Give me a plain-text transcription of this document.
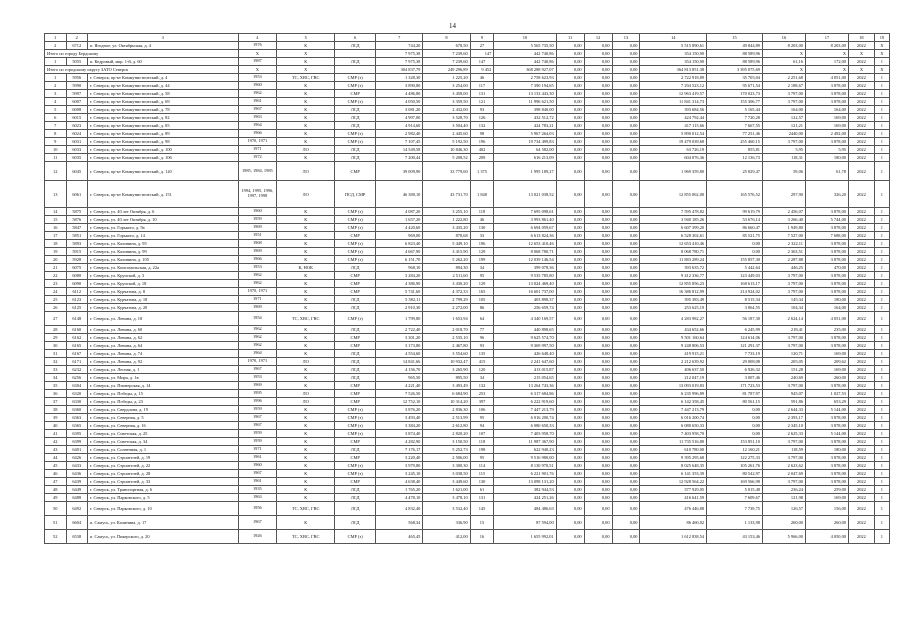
14
1	2	3	4	5	6	7	8	9	10	11	12	13	14	15	16	17	18	19
2	6712	п. Ягодное, ул. Октябрьская, д. 4	1976	К	ЛСД	744,20	678,50	27	5 565 735,50	0,00	0,00	0,00	5 515 890,61	49 844,89	8 203,00	8 203,00	2022	X
Итого по городу Бердскому			X	X		7 975,38	7 239,60	147	442 740,86	0,00	0,00	0,00	354 150,90	88 589,96	X	X	X	X
1	5055	п. Кедровый, мкр. 1-й, д. 60	1987	К	ЛСД	7 975,38	7 239,60	147	442 740,86	0,00	0,00	0,00	354 150,90	88 589,96	61,16	172,00	2022	1
Итого по городскому округу ЗАТО Северск			X	X		304 837,79	249 296,89	9 452	368 288 927,07	0,00	0,00	0,00	364 813 851,38	3 395 075,69	X	X	X	X
1	5956	г. Северск, пр-кт Коммунистический, д. 4	1953	ТС, ХВС, ГВС	СМР (з)	1 328,30	1 225,20	46	2 758 623,93	0,00	0,00	0,00	2 722 918,89	35 705,04	2 251,68	4 051,00	2022	1
2	5990	г. Северск, пр-кт Коммунистический, д. 44	1960	К	СМР (з)	3 890,80	3 254,00	117	7 390 194,65	0,00	0,00	0,00	7 294 523,12	95 671,54	2 188,67	3 878,00	2022	1
3	5997	г. Северск, пр-кт Коммунистический, д. 58	1962	К	СМР	4 486,80	3 458,00	131	13 133 443,30	0,00	0,00	0,00	12 963 419,57	170 023,73	3 797,00	3 878,00	2022	1
4	6007	г. Северск, пр-кт Коммунистический, д. 69	1961	К	СМР (з)	4 050,50	3 359,50	121	11 996 621,50	0,00	0,00	0,00	11 841 314,73	155 306,77	3 797,00	3 878,00	2022	1
5	6008	г. Северск, пр-кт Коммунистический, д. 78	1967	К	ЛСД	3 081,20	2 432,00	93	398 840,00	0,00	0,00	0,00	393 684,56	5 165,44	164,00	164,00	2022	1
6	6015	г. Северск, пр-кт Коммунистический, д. 82	1963	К	ЛСД	4 997,00	3 528,70	126	432 512,72	0,00	0,00	0,00	424 792,44	7 720,28	122,57	169,00	2022	1
7	6023	г. Северск, пр-кт Коммунистический, д. 85	1964	К	ЛСД	4 914,60	3 504,40	132	424 783,21	0,00	0,00	0,00	417 115,66	7 667,55	121,21	169,00	2022	1
8	6024	г. Северск, пр-кт Коммунистический, д. 89	1966	К	СМР (з)	2 982,40	2 445,60	98	5 967 264,03	0,00	0,00	0,00	5 890 012,54	77 251,46	2440,00	2 492,00	2022	1
9	6031	г. Северск, пр-кт Коммунистический, д. 98	1970, 1971	К	СМР (з)	7 107,45	5 192,50	196	19 734 499,83	0,00	0,00	0,00	19 479 039,68	255 460,15	3 797,00	3 878,00	2022	1
10	6033	г. Северск, пр-кт Коммунистический, д. 100	1971	ЛО	ЛСД	14 549,58	10 846,30	402	64 582,00	0,00	0,00	0,00	63 726,19	855,81	5,95	5,95	2022	1
11	6035	г. Северск, пр-кт Коммунистический, д. 106	1972	К	ЛСД	7 200,44	5 208,52	209	616 213,09	0,00	0,00	0,00	604 076,36	12 136,73	118,31	180,00	2022	1
12	6045	г. Северск, пр-кт Коммунистический, д. 120	1985, 1984, 1985	ЛО	СМР	39 009,90	33 779,60	1 375	1 995 189,27	0,00	0,00	0,00	1 969 359,80	25 829,47	59,06	61,78	2022	1
13	6061	г. Северск, пр-кт Коммунистический, д. 151	1994, 1995, 1996, 1997, 1998	ЛО	ПСД, СМР	46 380,10	43 731,70	1 848	13 021 038,52	0,00	0,00	0,00	12 855 062,00	165 576,52	297,90	326,20	2022	1
14	5875	г. Северск, ул. 40 лет Октября, д. 6	1960	К	СМР (з)	4 087,20	3 255,10	118	7 695 098,61	0,00	0,00	0,00	7 595 478,82	99 619,79	2 456,07	3 878,00	2022	1
15	5876	г. Северск, ул. 40 лет Октября, д. 10	1959	К	СМР (з)	1 657,20	1 222,80	46	3 993 861,40	0,00	0,00	0,00	3 940 185,26	53 676,14	3 266,40	5 744,00	2022	1
16	5847	г. Северск, ул. Горького, д. 9а	1969	К	СМР (з)	4 420,60	3 435,20	130	6 694 059,67	0,00	0,00	0,00	6 607 399,20	86 660,47	1 949,80	3 878,00	2022	1
17	5851	г. Северск, ул. Горького, д. 14	1951	К	СМР	969,00	878,68	33	6 613 824,36	0,00	0,00	0,00	6 528 302,61	85 521,75	7 527,00	7 688,00	2022	1
18	5893	г. Северск, ул. Калинина, д. 95	1968	К	СМР (з)	6 823,40	5 449,10	196	12 653 410,46	0,00	0,00	0,00	12 653 410,46	0,00	2 322,11	3 878,00	2022	1
19	5915	г. Северск, ул. Калинина, д. 99	1969	К	СМР (з)	4 667,90	3 415,90	129	8 068 780,71	0,00	0,00	0,00	8 068 780,71	0,00	2 363,51	3 878,00	2022	1
20	5928	г. Северск, ул. Калинина, д. 105	1966	К	СМР (з)	6 151,70	5 262,20	199	12 039 146,54	0,00	0,00	0,00	11 883 289,24	155 857,30	2 287,88	3 878,00	2022	1
21	6075	г. Северск, ул. Комсомольская, д. 22а	1953	К, НОК	ЛСД	968,10	894,30	34	399 078,36	0,00	0,00	0,00	393 635,72	5 442,64	446,25	470,00	2022	1
22	6080	г. Северск, ул. Крупской, д. 3	1962	К	СМР	3 284,20	2 511,60	95	9 535 785,80	0,00	0,00	0,00	9 412 336,77	123 449,03	3 797,00	3 878,00	2022	1
23	6090	г. Северск, ул. Крупской, д. 18	1962	К	СМР	4 386,90	3 430,20	129	13 024 469,40	0,00	0,00	0,00	12 855 856,23	168 613,17	3 797,00	3 878,00	2022	1
24	6112	г. Северск, ул. Курчатова, д. 8	1970, 1971	К	СМР	5 741,60	4 372,33	165	16 601 737,00	0,00	0,00	0,00	16 386 812,99	214 924,02	3 797,00	3 878,00	2022	1
25	6123	г. Северск, ул. Курчатова, д. 18	1971	К	ЛСД	5 582,11	2 799,29	105	403 898,37	0,00	0,00	0,00	395 383,49	8 515,34	145,34	180,00	2022	1
26	6125	г. Северск, ул. Курчатова, д. 20	1969	К	ЛСД	2 910,30	2 272,00	86	256 659,74	0,00	0,00	0,00	253 625,19	3 064,55	104,34	164,00	2022	1
27	6148	г. Северск, ул. Ленина, д. 18	1954	ТС, ХВС, ГВС	СМР (з)	1 799,80	1 653,94	64	4 340 169,57	0,00	0,00	0,00	4 283 982,27	56 187,30	2 624,14	4 051,00	2022	1
28	6160	г. Северск, ул. Ленина, д. 60	1962	К	ЛСД	2 722,40	2 018,70	77	440 898,65	0,00	0,00	0,00	434 652,66	6 245,99	218,41	235,00	2022	1
29	6162	г. Северск, ул. Ленина, д. 62	1962	К	СМР	3 301,20	2 535,10	96	9 625 574,70	0,00	0,00	0,00	9 501 160,64	124 614,06	3 797,00	3 878,00	2022	1
30	6165	г. Северск, ул. Ленина, д. 64	1962	К	СМР	3 173,80	2 467,80	93	9 369 997,50	0,00	0,00	0,00	9 248 806,53	121 291,37	3 797,00	3 878,00	2022	1
31	6167	г. Северск, ул. Ленина, д. 74	1964	К	ЛСД	4 554,60	3 554,60	135	426 648,40	0,00	0,00	0,00	419 915,21	7 733,19	120,71	169,00	2022	1
32	6171	г. Северск, ул. Ленина, д. 92	1970, 1971	ЛО	ЛСД	14 841,66	10 932,47	415	2 241 647,60	0,00	0,00	0,00	2 212 639,92	29 008,08	205,05	209,62	2022	1
33	6232	г. Северск, ул. Лесная, д. 1	1967	К	ЛСД	4 156,70	3 265,90	120	413 015,87	0,00	0,00	0,00	406 637,50	6 926,32	151,28	169,00	2022	1
34	6256	г. Северск, ул. Мира, д. 1в	1953	К	ЛСД	965,50	895,50	34	215 054,65	0,00	0,00	0,00	212 047,19	3 007,46	240,69	260,00	2022	1
35	6304	г. Северск, ул. Пионерская, д. 14	1969	К	СМР	4 221,40	3 493,49	132	13 264 743,36	0,00	0,00	0,00	13 093 019,83	171 723,53	3 797,00	3 878,00	2022	1
36	6320	г. Северск, ул. Победы, д. 15	1995	ЛО	СМР	7 526,50	6 684,90	253	6 317 684,86	0,00	0,00	0,00	6 235 996,89	81 787,97	945,07	1 027,53	2022	1
37	6330	г. Северск, ул. Победы, д. 23	1996	ЛО	СМР	12 752,10	10 314,20	397	6 222 919,60	0,00	0,00	0,00	6 142 358,45	80 561,15	591,86	653,29	2022	1
38	6360	г. Северск, ул. Свердлова, д. 19	1959	К	СМР (з)	3 876,20	2 836,30	106	7 447 213,79	0,00	0,00	0,00	7 447 213,79	0,00	2 644,33	5 144,00	2022	1
39	6363	г. Северск, ул. Северная, д. 5	1967	К	СМР (з)	3 493,40	2 513,99	95	6 016 200,74	0,00	0,00	0,00	6 016 200,74	0,00	2 393,17	3 878,00	2022	1
40	6365	г. Северск, ул. Северная, д. 16	1967	К	СМР (з)	3 384,20	2 612,80	94	6 080 650,33	0,00	0,00	0,00	6 080 650,33	0,00	2 345,10	3 878,00	2022	1
41	6395	г. Северск, ул. Советская, д. 25	1959	К	СМР (з)	3 874,40	2 820,20	107	7 403 958,70	0,00	0,00	0,00	7 403 958,70	0,00	2 625,33	5 144,00	2022	1
42	6399	г. Северск, ул. Советская, д. 34	1959	К	СМР	4 282,90	3 150,50	118	11 987 367,90	0,00	0,00	0,00	11 735 516,80	153 851,10	3 797,00	3 878,00	2022	1
43	6401	г. Северск, ул. Солнечная, д. 1	1971	К	ЛСД	7 176,17	5 252,73	198	622 940,23	0,00	0,00	0,00	610 780,00	12 160,21	118,59	180,00	2022	1
44	6426	г. Северск, ул. Строителей, д. 19	1961	К	СМР	3 220,40	2 506,00	95	9 516 980,00	0,00	0,00	0,00	9 395 295,68	122 275,33	3 797,00	3 878,00	2022	1
45	6433	г. Северск, ул. Строителей, д. 22	1960	К	СМР (з)	3 979,80	3 300,30	114	8 130 970,51	0,00	0,00	0,00	8 025 648,35	105 261,76	2 623,62	3 878,00	2022	1
46	6436	г. Северск, ул. Строителей, д. 28	1967	К	СМР (з)	3 245,10	3 038,50	115	6 221 901,76	0,00	0,00	0,00	6 141 353,39	80 542,97	2 047,69	3 878,00	2022	1
47	6439	г. Северск, ул. Строителей, д. 33	1961	К	СМР	4 638,40	3 449,60	130	13 098 131,20	0,00	0,00	0,00	12 928 564,22	169 566,98	3 797,00	3 878,00	2022	1
48	6449	г. Северск, ул. Транспортная, д. 6	1935	К	ЛСД	1 765,20	1 621,00	61	382 944,53	0,00	0,00	0,00	377 929,05	5 015,48	236,24	259,00	2022	1
49	6488	г. Северск, ул. Парковского, д. 5	1963	К	ЛСД	4 478,10	3 478,10	131	424 251,26	0,00	0,00	0,00	416 641,59	7 609,67	121,98	169,00	2022	1
50	6492	г. Северск, ул. Парковского, д. 10	1956	ТС, ХВС, ГВС	ЛСД	4 832,40	3 532,40	145	484 486,63	0,00	0,00	0,00	476 446,88	7 739,75	126,57	156,00	2022	1
51	6604	п. Самусь, ул. Калинина, д. 17	1967	К	ЛСД	568,34	336,90	15	87 594,00	0,00	0,00	0,00	86 460,02	1 133,98	260,00	260,00	2022	1
52	6538	п. Самусь, ул. Пикерского, д. 20	1926	ТС, ХВС, ГВС	СМР (з)	465,45	412,00	16	1 655 992,01	0,00	0,00	0,00	1 612 838,54	43 153,46	5 966,00	4 050,00	2022	1
